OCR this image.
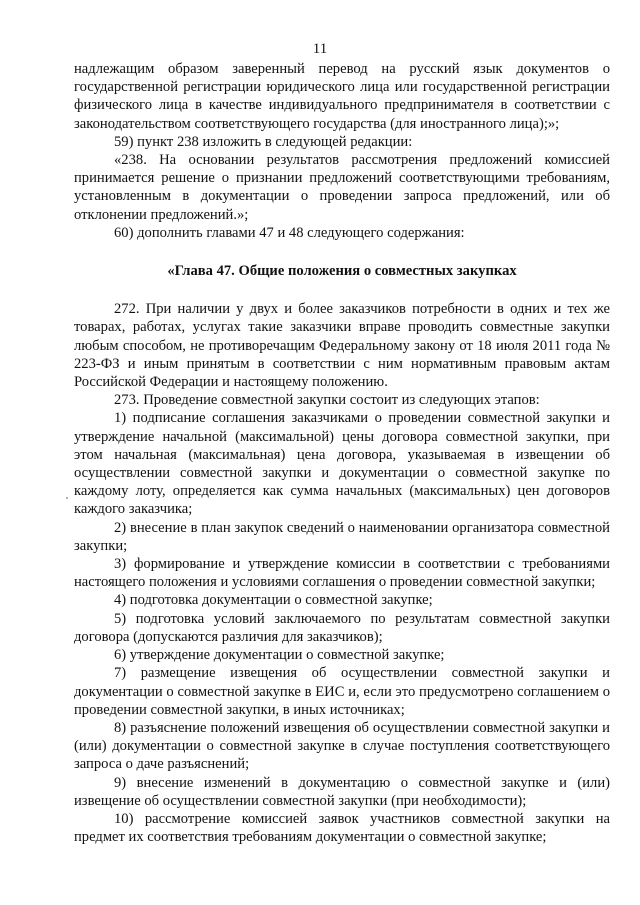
11

надлежащим образом заверенный перевод на русский язык документов о государственной регистрации юридического лица или государственной регистрации физического лица в качестве индивидуального предпринимателя в соответствии с законодательством соответствующего государства (для иностранного лица);»;

59) пункт 238 изложить в следующей редакции:

«238. На основании результатов рассмотрения предложений комиссией принимается решение о признании предложений соответствующими требованиям, установленным в документации о проведении запроса предложений, или об отклонении предложений.»;

60) дополнить главами 47 и 48 следующего содержания:

«Глава 47. Общие положения о совместных закупках

272. При наличии у двух и более заказчиков потребности в одних и тех же товарах, работах, услугах такие заказчики вправе проводить совместные закупки любым способом, не противоречащим Федеральному закону от 18 июля 2011 года № 223-ФЗ и иным принятым в соответствии с ним нормативным правовым актам Российской Федерации и настоящему положению.

273. Проведение совместной закупки состоит из следующих этапов:

1) подписание соглашения заказчиками о проведении совместной закупки и утверждение начальной (максимальной) цены договора совместной закупки, при этом начальная (максимальная) цена договора, указываемая в извещении об осуществлении совместной закупки и документации о совместной закупке по каждому лоту, определяется как сумма начальных (максимальных) цен договоров каждого заказчика;

2) внесение в план закупок сведений о наименовании организатора совместной закупки;

3) формирование и утверждение комиссии в соответствии с требованиями настоящего положения и условиями соглашения о проведении совместной закупки;

4) подготовка документации о совместной закупке;

5) подготовка условий заключаемого по результатам совместной закупки договора (допускаются различия для заказчиков);

6) утверждение документации о совместной закупке;

7) размещение извещения об осуществлении совместной закупки и документации о совместной закупке в ЕИС и, если это предусмотрено соглашением о проведении совместной закупки, в иных источниках;

8) разъяснение положений извещения об осуществлении совместной закупки и (или) документации о совместной закупке в случае поступления соответствующего запроса о даче разъяснений;

9) внесение изменений в документацию о совместной закупке и (или) извещение об осуществлении совместной закупки (при необходимости);

10) рассмотрение комиссией заявок участников совместной закупки на предмет их соответствия требованиям документации о совместной закупке;
